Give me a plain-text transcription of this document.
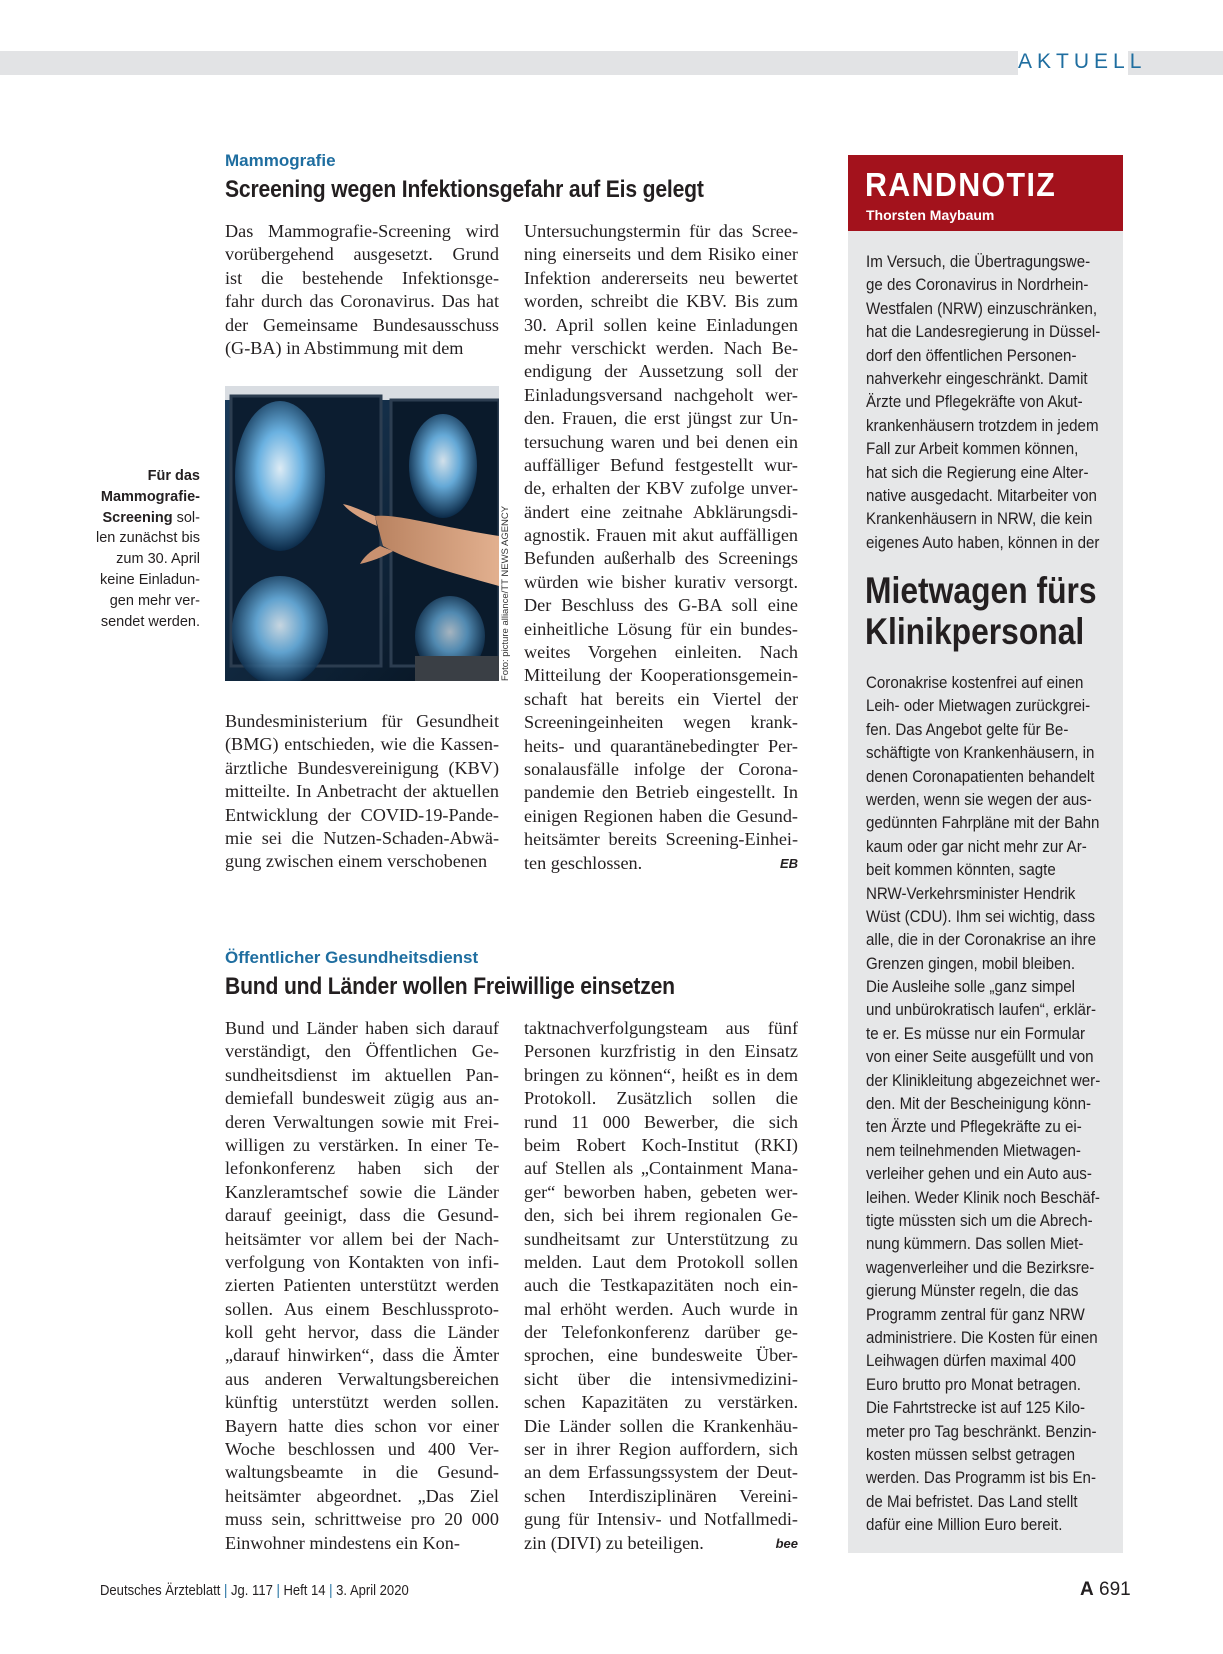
AKTUELL
Mammografie
Screening wegen Infektionsgefahr auf Eis gelegt
Das Mammografie-Screening wird
vorübergehend ausgesetzt. Grund
ist die bestehende Infektionsge-
fahr durch das Coronavirus. Das hat
der Gemeinsame Bundesausschuss
(G-BA) in Abstimmung mit dem
Foto: picture alliance/TT NEWS AGENCY
Bundesministerium für Gesundheit
(BMG) entschieden, wie die Kassen-
ärztliche Bundesvereinigung (KBV)
mitteilte. In Anbetracht der aktuellen
Entwicklung der COVID-19-Pande-
mie sei die Nutzen-Schaden-Abwä-
gung zwischen einem verschobenen
Untersuchungstermin für das Scree-
ning einerseits und dem Risiko einer
Infektion andererseits neu bewertet
worden, schreibt die KBV. Bis zum
30. April sollen keine Einladungen
mehr verschickt werden. Nach Be-
endigung der Aussetzung soll der
Einladungsversand nachgeholt wer-
den. Frauen, die erst jüngst zur Un-
tersuchung waren und bei denen ein
auffälliger Befund festgestellt wur-
de, erhalten der KBV zufolge unver-
ändert eine zeitnahe Abklärungsdi-
agnostik. Frauen mit akut auffälligen
Befunden außerhalb des Screenings
würden wie bisher kurativ versorgt.
Der Beschluss des G-BA soll eine
einheitliche Lösung für ein bundes-
weites Vorgehen einleiten. Nach
Mitteilung der Kooperationsgemein-
schaft hat bereits ein Viertel der
Screeningeinheiten wegen krank-
heits- und quarantänebedingter Per-
sonalausfälle infolge der Corona-
pandemie den Betrieb eingestellt. In
einigen Regionen haben die Gesund-
heitsämter bereits Screening-Einhei-
EB
ten geschlossen.
Für das
Mammografie-
Screening sol-
len zunächst bis
zum 30. April
keine Einladun-
gen mehr ver-
sendet werden.
Öffentlicher Gesundheitsdienst
Bund und Länder wollen Freiwillige einsetzen
Bund und Länder haben sich darauf
verständigt, den Öffentlichen Ge-
sundheitsdienst im aktuellen Pan-
demiefall bundesweit zügig aus an-
deren Verwaltungen sowie mit Frei-
willigen zu verstärken. In einer Te-
lefonkonferenz haben sich der
Kanzleramtschef sowie die Länder
darauf geeinigt, dass die Gesund-
heitsämter vor allem bei der Nach-
verfolgung von Kontakten von infi-
zierten Patienten unterstützt werden
sollen. Aus einem Beschlussproto-
koll geht hervor, dass die Länder
„darauf hinwirken“, dass die Ämter
aus anderen Verwaltungsbereichen
künftig unterstützt werden sollen.
Bayern hatte dies schon vor einer
Woche beschlossen und 400 Ver-
waltungsbeamte in die Gesund-
heitsämter abgeordnet. „Das Ziel
muss sein, schrittweise pro 20 000
Einwohner mindestens ein Kon-
taktnachverfolgungsteam aus fünf
Personen kurzfristig in den Einsatz
bringen zu können“, heißt es in dem
Protokoll. Zusätzlich sollen die
rund 11 000 Bewerber, die sich
beim Robert Koch-Institut (RKI)
auf Stellen als „Containment Mana-
ger“ beworben haben, gebeten wer-
den, sich bei ihrem regionalen Ge-
sundheitsamt zur Unterstützung zu
melden. Laut dem Protokoll sollen
auch die Testkapazitäten noch ein-
mal erhöht werden. Auch wurde in
der Telefonkonferenz darüber ge-
sprochen, eine bundesweite Über-
sicht über die intensivmedizini-
schen Kapazitäten zu verstärken.
Die Länder sollen die Krankenhäu-
ser in ihrer Region auffordern, sich
an dem Erfassungssystem der Deut-
schen Interdisziplinären Vereini-
gung für Intensiv- und Notfallmedi-
bee
zin (DIVI) zu beteiligen.
RANDNOTIZ
Thorsten Maybaum
Im Versuch, die Übertragungswe-
ge des Coronavirus in Nordrhein-
Westfalen (NRW) einzuschränken,
hat die Landesregierung in Düssel-
dorf den öffentlichen Personen-
nahverkehr eingeschränkt. Damit
Ärzte und Pflegekräfte von Akut-
krankenhäusern trotzdem in jedem
Fall zur Arbeit kommen können,
hat sich die Regierung eine Alter-
native ausgedacht. Mitarbeiter von
Krankenhäusern in NRW, die kein
eigenes Auto haben, können in der
Mietwagen fürs
Klinikpersonal
Coronakrise kostenfrei auf einen
Leih- oder Mietwagen zurückgrei-
fen. Das Angebot gelte für Be-
schäftigte von Krankenhäusern, in
denen Coronapatienten behandelt
werden, wenn sie wegen der aus-
gedünnten Fahrpläne mit der Bahn
kaum oder gar nicht mehr zur Ar-
beit kommen könnten, sagte
NRW-Verkehrsminister Hendrik
Wüst (CDU). Ihm sei wichtig, dass
alle, die in der Coronakrise an ihre
Grenzen gingen, mobil bleiben.
Die Ausleihe solle „ganz simpel
und unbürokratisch laufen“, erklär-
te er. Es müsse nur ein Formular
von einer Seite ausgefüllt und von
der Klinikleitung abgezeichnet wer-
den. Mit der Bescheinigung könn-
ten Ärzte und Pflegekräfte zu ei-
nem teilnehmenden Mietwagen-
verleiher gehen und ein Auto aus-
leihen. Weder Klinik noch Beschäf-
tigte müssten sich um die Abrech-
nung kümmern. Das sollen Miet-
wagenverleiher und die Bezirksre-
gierung Münster regeln, die das
Programm zentral für ganz NRW
administriere. Die Kosten für einen
Leihwagen dürfen maximal 400
Euro brutto pro Monat betragen.
Die Fahrtstrecke ist auf 125 Kilo-
meter pro Tag beschränkt. Benzin-
kosten müssen selbst getragen
werden. Das Programm ist bis En-
de Mai befristet. Das Land stellt
dafür eine Million Euro bereit.
Deutsches Ärzteblatt | Jg. 117 | Heft 14 | 3. April 2020	A 691
